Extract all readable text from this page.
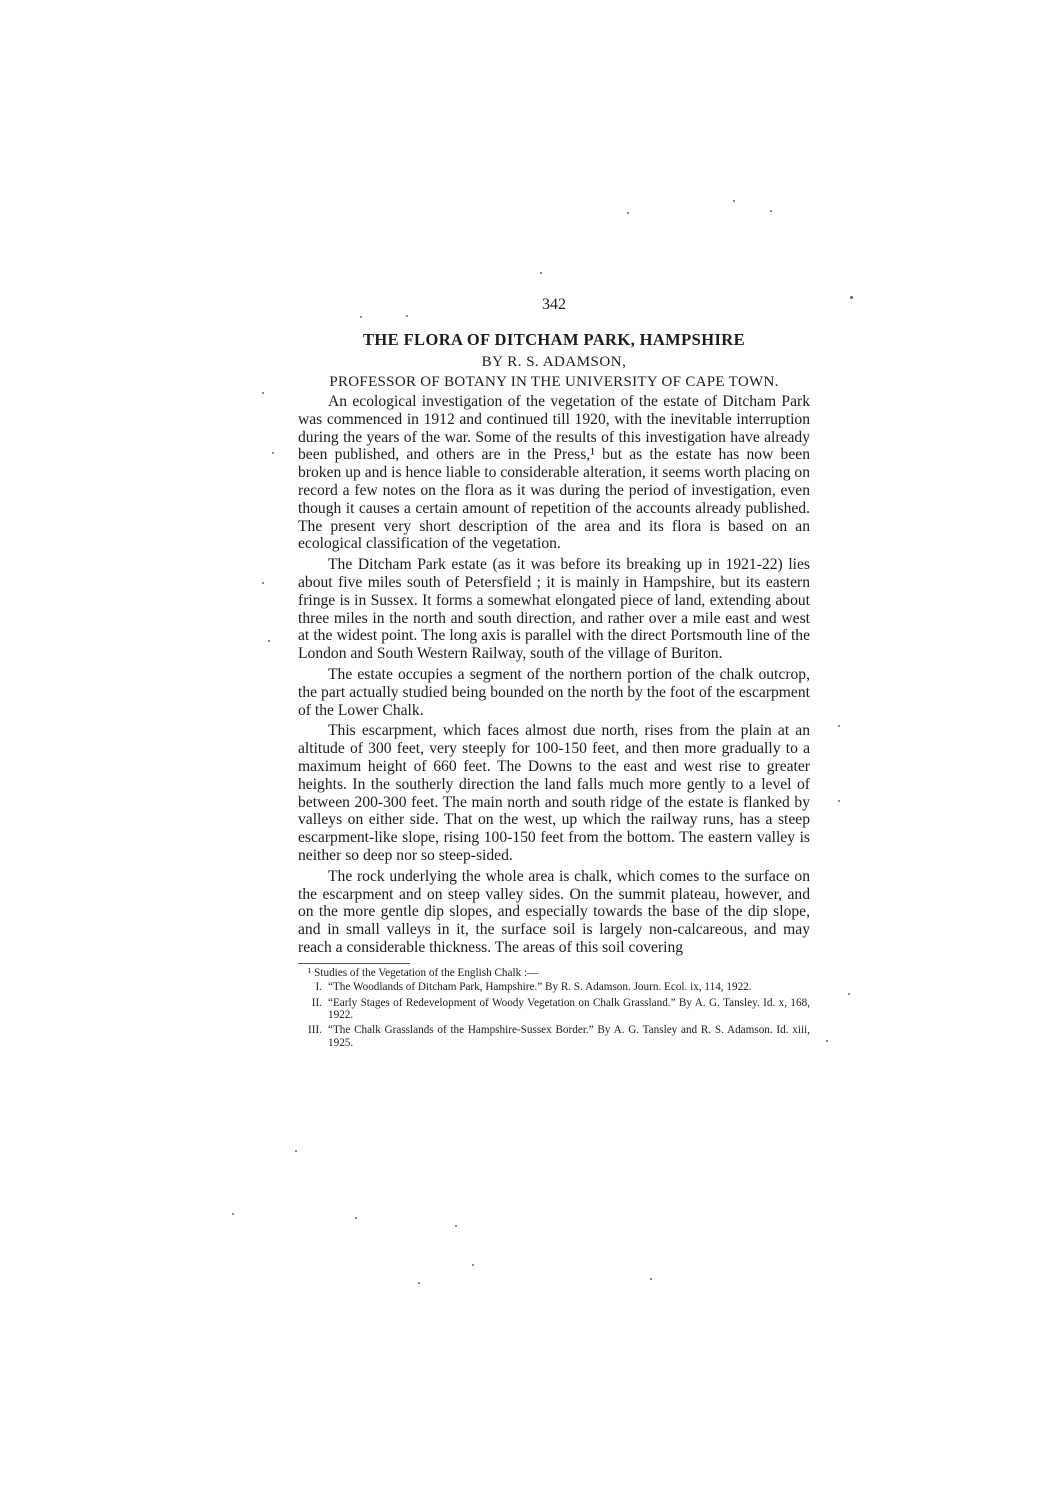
342
THE FLORA OF DITCHAM PARK, HAMPSHIRE
BY R. S. ADAMSON,
PROFESSOR OF BOTANY IN THE UNIVERSITY OF CAPE TOWN.

An ecological investigation of the vegetation of the estate of Ditcham Park was commenced in 1912 and continued till 1920, with the inevitable interruption during the years of the war. Some of the results of this investigation have already been published, and others are in the Press,¹ but as the estate has now been broken up and is hence liable to considerable alteration, it seems worth placing on record a few notes on the flora as it was during the period of investigation, even though it causes a certain amount of repetition of the accounts already published. The present very short description of the area and its flora is based on an ecological classification of the vegetation.

The Ditcham Park estate (as it was before its breaking up in 1921-22) lies about five miles south of Petersfield ; it is mainly in Hampshire, but its eastern fringe is in Sussex. It forms a somewhat elongated piece of land, extending about three miles in the north and south direction, and rather over a mile east and west at the widest point. The long axis is parallel with the direct Portsmouth line of the London and South Western Railway, south of the village of Buriton.

The estate occupies a segment of the northern portion of the chalk outcrop, the part actually studied being bounded on the north by the foot of the escarpment of the Lower Chalk.

This escarpment, which faces almost due north, rises from the plain at an altitude of 300 feet, very steeply for 100-150 feet, and then more gradually to a maximum height of 660 feet. The Downs to the east and west rise to greater heights. In the southerly direction the land falls much more gently to a level of between 200-300 feet. The main north and south ridge of the estate is flanked by valleys on either side. That on the west, up which the railway runs, has a steep escarpment-like slope, rising 100-150 feet from the bottom. The eastern valley is neither so deep nor so steep-sided.

The rock underlying the whole area is chalk, which comes to the surface on the escarpment and on steep valley sides. On the summit plateau, however, and on the more gentle dip slopes, and especially towards the base of the dip slope, and in small valleys in it, the surface soil is largely non-calcareous, and may reach a considerable thickness. The areas of this soil covering

¹ Studies of the Vegetation of the English Chalk :—
I. “The Woodlands of Ditcham Park, Hampshire.” By R. S. Adamson. Journ. Ecol. ix, 114, 1922.
II. “Early Stages of Redevelopment of Woody Vegetation on Chalk Grassland.” By A. G. Tansley. Id. x, 168, 1922.
III. “The Chalk Grasslands of the Hampshire-Sussex Border.” By A. G. Tansley and R. S. Adamson. Id. xiii, 1925.
